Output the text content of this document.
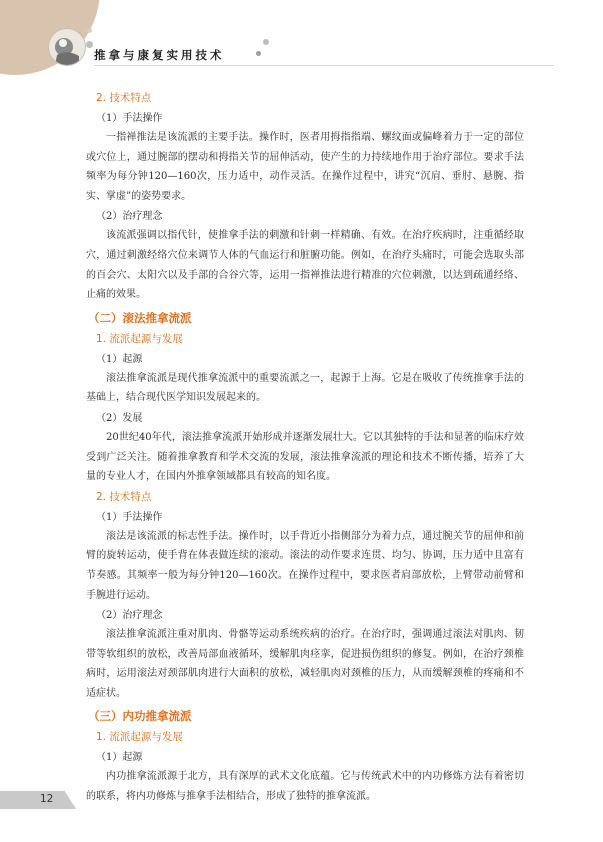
推拿与康复实用技术

2. 技术特点

（1）手法操作

一指禅推法是该流派的主要手法。操作时，医者用拇指指端、螺纹面或偏峰着力于一定的部位或穴位上，通过腕部的摆动和拇指关节的屈伸活动，使产生的力持续地作用于治疗部位。要求手法频率为每分钟120—160次，压力适中，动作灵活。在操作过程中，讲究“沉肩、垂肘、悬腕、指实、掌虚”的姿势要求。

（2）治疗理念

该流派强调以指代针，使推拿手法的刺激和针刺一样精确、有效。在治疗疾病时，注重循经取穴，通过刺激经络穴位来调节人体的气血运行和脏腑功能。例如，在治疗头痛时，可能会选取头部的百会穴、太阳穴以及手部的合谷穴等，运用一指禅推法进行精准的穴位刺激，以达到疏通经络、止痛的效果。

（二）滚法推拿流派

1. 流派起源与发展

（1）起源

滚法推拿流派是现代推拿流派中的重要流派之一，起源于上海。它是在吸收了传统推拿手法的基础上，结合现代医学知识发展起来的。

（2）发展

20世纪40年代，滚法推拿流派开始形成并逐渐发展壮大。它以其独特的手法和显著的临床疗效受到广泛关注。随着推拿教育和学术交流的发展，滚法推拿流派的理论和技术不断传播，培养了大量的专业人才，在国内外推拿领域都具有较高的知名度。

2. 技术特点

（1）手法操作

滚法是该流派的标志性手法。操作时，以手背近小指侧部分为着力点，通过腕关节的屈伸和前臂的旋转运动，使手背在体表做连续的滚动。滚法的动作要求连贯、均匀、协调，压力适中且富有节奏感。其频率一般为每分钟120—160次。在操作过程中，要求医者肩部放松，上臂带动前臂和手腕进行运动。

（2）治疗理念

滚法推拿流派注重对肌肉、骨骼等运动系统疾病的治疗。在治疗时，强调通过滚法对肌肉、韧带等软组织的放松，改善局部血液循环，缓解肌肉痉挛，促进损伤组织的修复。例如，在治疗颈椎病时，运用滚法对颈部肌肉进行大面积的放松，减轻肌肉对颈椎的压力，从而缓解颈椎的疼痛和不适症状。

（三）内功推拿流派

1. 流派起源与发展

（1）起源

内功推拿流派源于北方，具有深厚的武术文化底蕴。它与传统武术中的内功修炼方法有着密切的联系，将内功修炼与推拿手法相结合，形成了独特的推拿流派。

12
